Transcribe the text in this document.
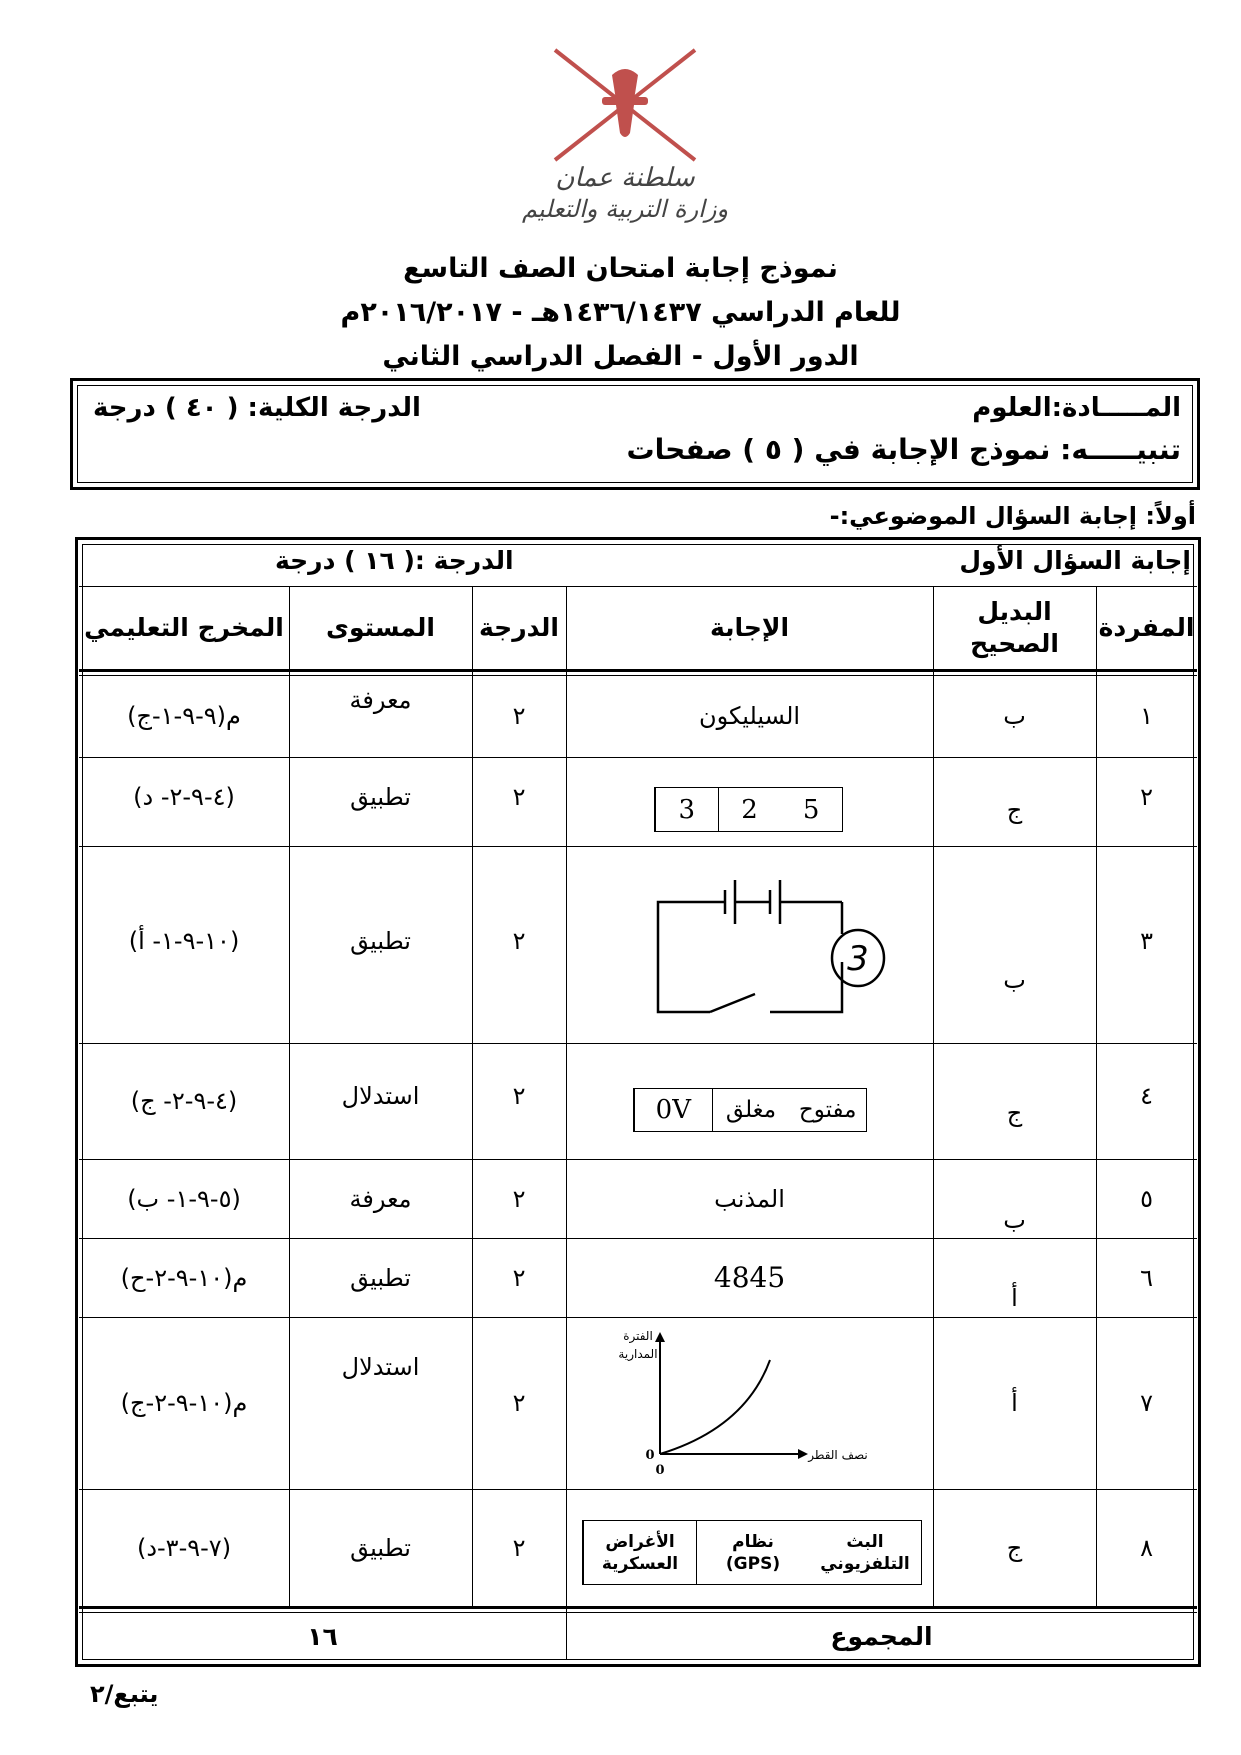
سلطنة عمان
وزارة التربية والتعليم
نموذج إجابة امتحان الصف التاسع
للعام الدراسي ١٤٣٦/١٤٣٧هـ - ٢٠١٦/٢٠١٧م
الدور الأول - الفصل الدراسي الثاني
المـــــادة:العلوم
الدرجة الكلية: ( ٤٠ ) درجة
تنبيـــــه: نموذج الإجابة في ( ٥ ) صفحات
أولاً: إجابة السؤال الموضوعي:-
إجابة السؤال الأول
الدرجة :( ١٦ ) درجة
المفردة
البديل
الصحيح
الإجابة
الدرجة
المستوى
المخرج التعليمي
١
ب
السيليكون
٢
معرفة
م(٩-٩-١-ج)
٢
ج
5
2
3
٢
تطبيق
(٤-٩-٢- د)
٣
ب
3
٢
تطبيق
(١٠-٩-١- أ)
٤
ج
مفتوح
مغلق
0V
٢
استدلال
(٤-٩-٢- ج)
٥
ب
المذنب
٢
معرفة
(٥-٩-١- ب)
٦
أ
4845
٢
تطبيق
م(١٠-٩-٢-ح)
٧
أ
الفترة
المدارية
نصف القطر
0
0
٢
استدلال
م(١٠-٩-٢-ج)
٨
ج
البث
التلفزيوني
نظام
(GPS)
الأغراض
العسكرية
٢
تطبيق
(٧-٩-٣-د)
المجموع
١٦
يتبع/٢
